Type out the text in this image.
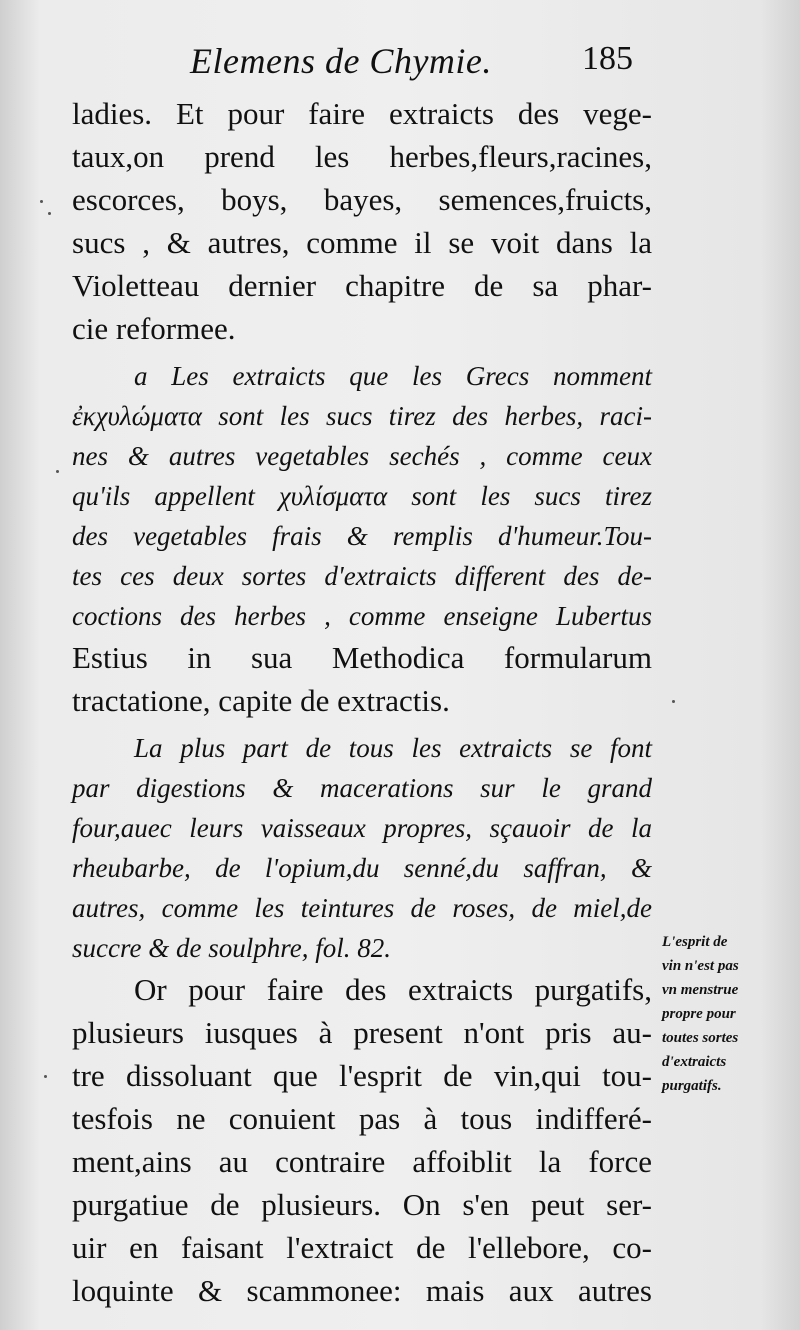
Elemens de Chymie.	185
ladies. Et pour faire extraicts des vege-
taux,on prend les herbes,fleurs,racines,
escorces, boys, bayes, semences,fruicts,
sucs , & autres, comme il se voit dans la
Violetteau dernier chapitre de sa phar-
cie reformee.
a Les extraicts que les Grecs nomment
ἐκχυλώματα sont les sucs tirez des herbes, raci-
nes & autres vegetables sechés , comme ceux
qu'ils appellent χυλίσματα sont les sucs tirez
des vegetables frais & remplis d'humeur.Tou-
tes ces deux sortes d'extraicts different des de-
coctions des herbes , comme enseigne Lubertus
Estius in sua Methodica formularum
tractatione, capite de extractis.
La plus part de tous les extraicts se font
par digestions & macerations sur le grand
four,auec leurs vaisseaux propres, sçauoir de la
rheubarbe, de l'opium,du senné,du saffran, &
autres, comme les teintures de roses, de miel,de
succre & de soulphre, fol. 82.
Or pour faire des extraicts purgatifs,
plusieurs iusques à present n'ont pris au-
tre dissoluant que l'esprit de vin,qui tou-
tesfois ne conuient pas à tous indifferé-
ment,ains au contraire affoiblit la force
purgatiue de plusieurs. On s'en peut ser-
uir en faisant l'extraict de l'ellebore, co-
loquinte & scammonee: mais aux autres
L'esprit de
vin n'est pas
vn menstrue
propre pour
toutes sortes
d'extraicts
purgatifs.
